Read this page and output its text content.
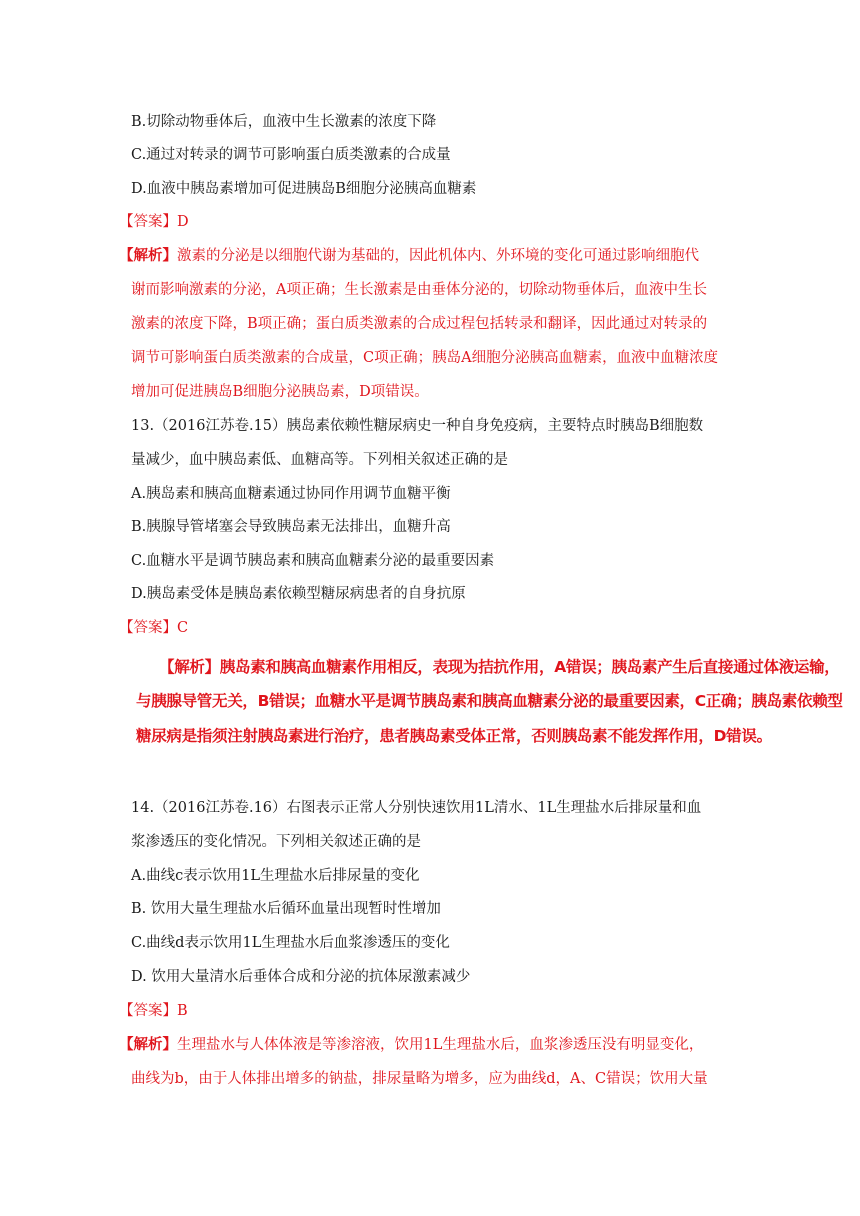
B.切除动物垂体后，血液中生长激素的浓度下降
C.通过对转录的调节可影响蛋白质类激素的合成量
D.血液中胰岛素增加可促进胰岛B细胞分泌胰高血糖素
【答案】D
【解析】激素的分泌是以细胞代谢为基础的，因此机体内、外环境的变化可通过影响细胞代
谢而影响激素的分泌，A项正确；生长激素是由垂体分泌的，切除动物垂体后，血液中生长
激素的浓度下降，B项正确；蛋白质类激素的合成过程包括转录和翻译，因此通过对转录的
调节可影响蛋白质类激素的合成量，C项正确；胰岛A细胞分泌胰高血糖素，血液中血糖浓度
增加可促进胰岛B细胞分泌胰岛素，D项错误。
13.（2016江苏卷.15）胰岛素依赖性糖尿病史一种自身免疫病，主要特点时胰岛B细胞数
量减少，血中胰岛素低、血糖高等。下列相关叙述正确的是
A.胰岛素和胰高血糖素通过协同作用调节血糖平衡
B.胰腺导管堵塞会导致胰岛素无法排出，血糖升高
C.血糖水平是调节胰岛素和胰高血糖素分泌的最重要因素
D.胰岛素受体是胰岛素依赖型糖尿病患者的自身抗原
【答案】C
【解析】胰岛素和胰高血糖素作用相反，表现为拮抗作用，A错误；胰岛素产生后直接通过体液运输，
与胰腺导管无关，B错误；血糖水平是调节胰岛素和胰高血糖素分泌的最重要因素，C正确；胰岛素依赖型
糖尿病是指须注射胰岛素进行治疗，患者胰岛素受体正常，否则胰岛素不能发挥作用，D错误。
14.（2016江苏卷.16）右图表示正常人分别快速饮用1L清水、1L生理盐水后排尿量和血
浆渗透压的变化情况。下列相关叙述正确的是
A.曲线c表示饮用1L生理盐水后排尿量的变化
B. 饮用大量生理盐水后循环血量出现暂时性增加
C.曲线d表示饮用1L生理盐水后血浆渗透压的变化
D. 饮用大量清水后垂体合成和分泌的抗体尿激素减少
【答案】B
【解析】生理盐水与人体体液是等渗溶液，饮用1L生理盐水后，血浆渗透压没有明显变化，
曲线为b，由于人体排出增多的钠盐，排尿量略为增多，应为曲线d，A、C错误；饮用大量
